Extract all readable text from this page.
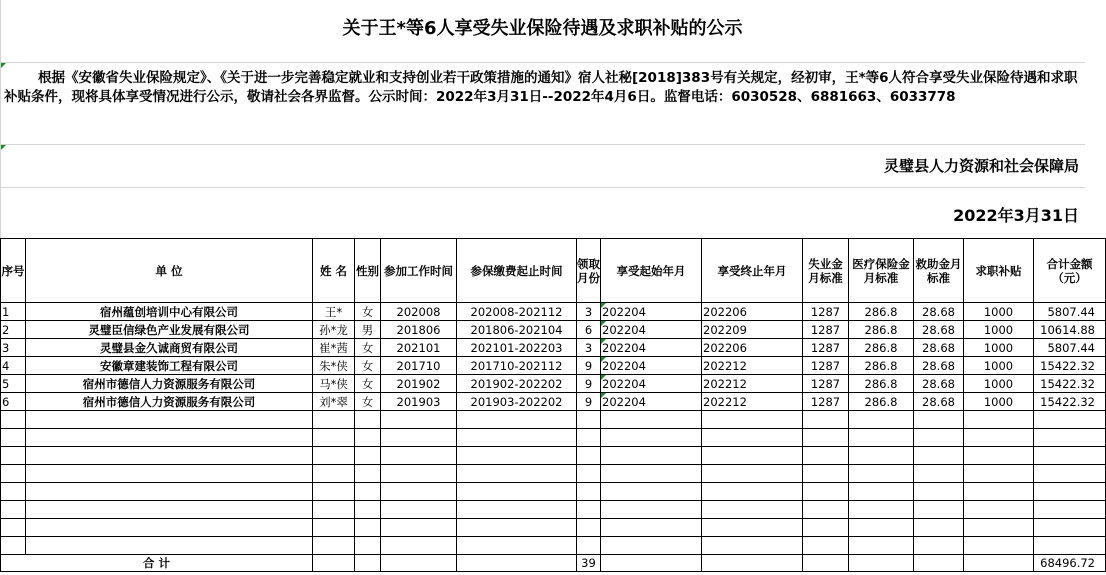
关于王*等6人享受失业保险待遇及求职补贴的公示
根据《安徽省失业保险规定》、《关于进一步完善稳定就业和支持创业若干政策措施的通知》宿人社秘[2018]383号有关规定，经初审，王*等6人符合享受失业保险待遇和求职补贴条件，现将具体享受情况进行公示，敬请社会各界监督。公示时间：2022年3月31日--2022年4月6日。监督电话：6030528、6881663、6033778
灵璧县人力资源和社会保障局
2022年3月31日
序号	单 位	姓 名	性别	参加工作时间	参保缴费起止时间	领取月份	享受起始年月	享受终止年月	失业金月标准	医疗保险金月标准	救助金月标准	求职补贴	合计金额（元）
1	宿州蕴创培训中心有限公司	王*	女	202008	202008-202112	3	202204	202206	1287	286.8	28.68	1000	5807.44
2	灵璧臣信绿色产业发展有限公司	孙*龙	男	201806	201806-202104	6	202204	202209	1287	286.8	28.68	1000	10614.88
3	灵璧县金久诚商贸有限公司	崔*茜	女	202101	202101-202203	3	202204	202206	1287	286.8	28.68	1000	5807.44
4	安徽章建装饰工程有限公司	朱*侠	女	201710	201710-202112	9	202204	202212	1287	286.8	28.68	1000	15422.32
5	宿州市德信人力资源服务有限公司	马*侠	女	201902	201902-202202	9	202204	202212	1287	286.8	28.68	1000	15422.32
6	宿州市德信人力资源服务有限公司	刘*翠	女	201903	201903-202202	9	202204	202212	1287	286.8	28.68	1000	15422.32

合 计						39							68496.72
